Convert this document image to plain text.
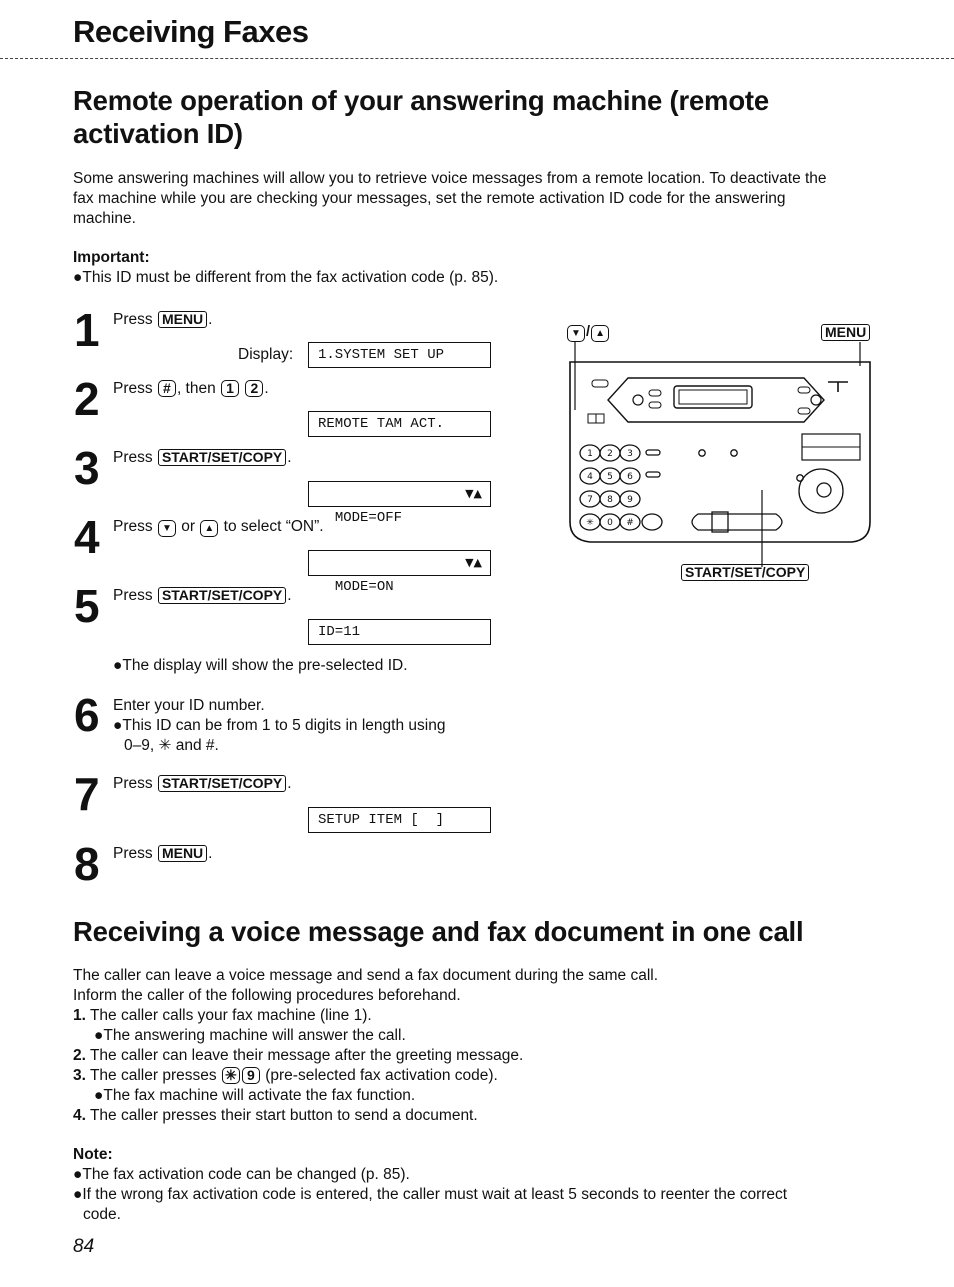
Receiving Faxes
Remote operation of your answering machine (remote
activation ID)
Some answering machines will allow you to retrieve voice messages from a remote location. To deactivate the
fax machine while you are checking your messages, set the remote activation ID code for the answering
machine.
Important:
●This ID must be different from the fax activation code (p. 85).
1 Press MENU .
Display:	1.SYSTEM SET UP
2 Press # , then 1 2 .
REMOTE TAM ACT.
3 Press START/SET/COPY .

MODE=OFF

▼▲

4 Press ▼ or ▲ to select “ON”.

MODE=ON

▼▲

5 Press START/SET/COPY .
ID=11
●The display will show the pre-selected ID.
6 Enter your ID number.
●This ID can be from 1 to 5 digits in length using
0–9, ✳ and #.
7 Press START/SET/COPY .
SETUP ITEM [  ]
8 Press MENU .
▼ / ▲	MENU
1 2 3
4 5 6
7 8 9
✳ 0 #
START/SET/COPY
Receiving a voice message and fax document in one call
The caller can leave a voice message and send a fax document during the same call.
Inform the caller of the following procedures beforehand.
1. The caller calls your fax machine (line 1).
●The answering machine will answer the call.
2. The caller can leave their message after the greeting message.
3. The caller presses ✳ 9 (pre-selected fax activation code).
●The fax machine will activate the fax function.
4. The caller presses their start button to send a document.
Note:
●The fax activation code can be changed (p. 85).
●If the wrong fax activation code is entered, the caller must wait at least 5 seconds to reenter the correct
code.
84
